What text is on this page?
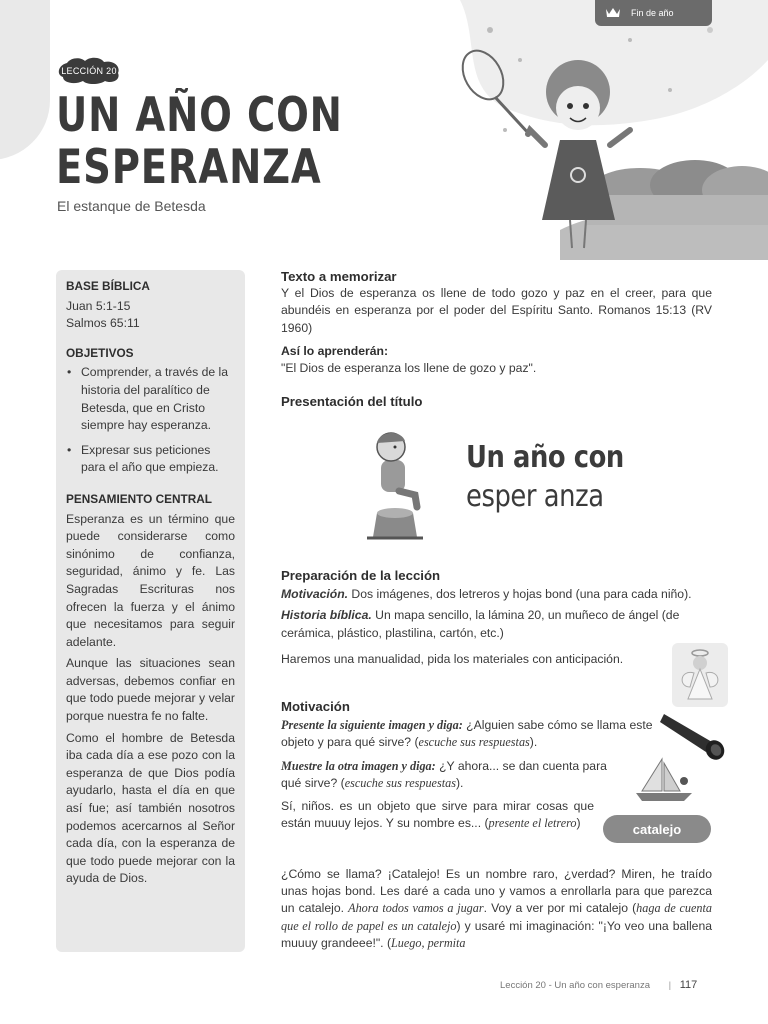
Fin de año
LECCIÓN 20
UN AÑO CON
ESPERANZA
El estanque de Betesda
BASE BÍBLICA
Juan 5:1-15
Salmos 65:11
OBJETIVOS
• Comprender, a través de la historia del paralítico de Betesda, que en Cristo siempre hay esperanza.
• Expresar sus peticiones para el año que empieza.
PENSAMIENTO CENTRAL

Esperanza es un término que puede considerarse como sinónimo de confianza, seguridad, ánimo y fe. Las Sagradas Escrituras nos ofrecen la fuerza y el ánimo que necesitamos para seguir adelante.

Aunque las situaciones sean adversas, debemos confiar en que todo puede mejorar y velar porque nuestra fe no falte.

Como el hombre de Betesda iba cada día a ese pozo con la esperanza de que Dios podía ayudarlo, hasta el día en que así fue; así también nosotros podemos acercarnos al Señor cada día, con la esperanza de que todo puede mejorar con la ayuda de Dios.

Texto a memorizar

Y el Dios de esperanza os llene de todo gozo y paz en el creer, para que abundéis en esperanza por el poder del Espíritu Santo. Romanos 15:13 (RV 1960)

Así lo aprenderán:

"El Dios de esperanza los llene de gozo y paz".

Presentación del título
Un año con
esper anza
Preparación de la lección

Motivación. Dos imágenes, dos letreros y hojas bond (una para cada niño).

Historia bíblica. Un mapa sencillo, la lámina 20, un muñeco de ángel (de cerámica, plástico, plastilina, cartón, etc.)

Haremos una manualidad, pida los materiales con anticipación.

Motivación

Presente la siguiente imagen y diga: ¿Alguien sabe cómo se llama este objeto y para qué sirve? (escuche sus respuestas).

Muestre la otra imagen y diga: ¿Y ahora... se dan cuenta para qué sirve? (escuche sus respuestas).

Sí, niños. es un objeto que sirve para mirar cosas que están muuuy lejos. Y su nombre es... (presente el letrero)	catalejo

¿Cómo se llama? ¡Catalejo! Es un nombre raro, ¿verdad? Miren, he traído unas hojas bond. Les daré a cada uno y vamos a enrollarla para que parezca un catalejo. Ahora todos vamos a jugar. Voy a ver por mi catalejo (haga de cuenta que el rollo de papel es un catalejo) y usaré mi imaginación: "¡Yo veo una ballena muuuy grandeee!". (Luego, permita

Lección 20 - Un año con esperanza | 117
